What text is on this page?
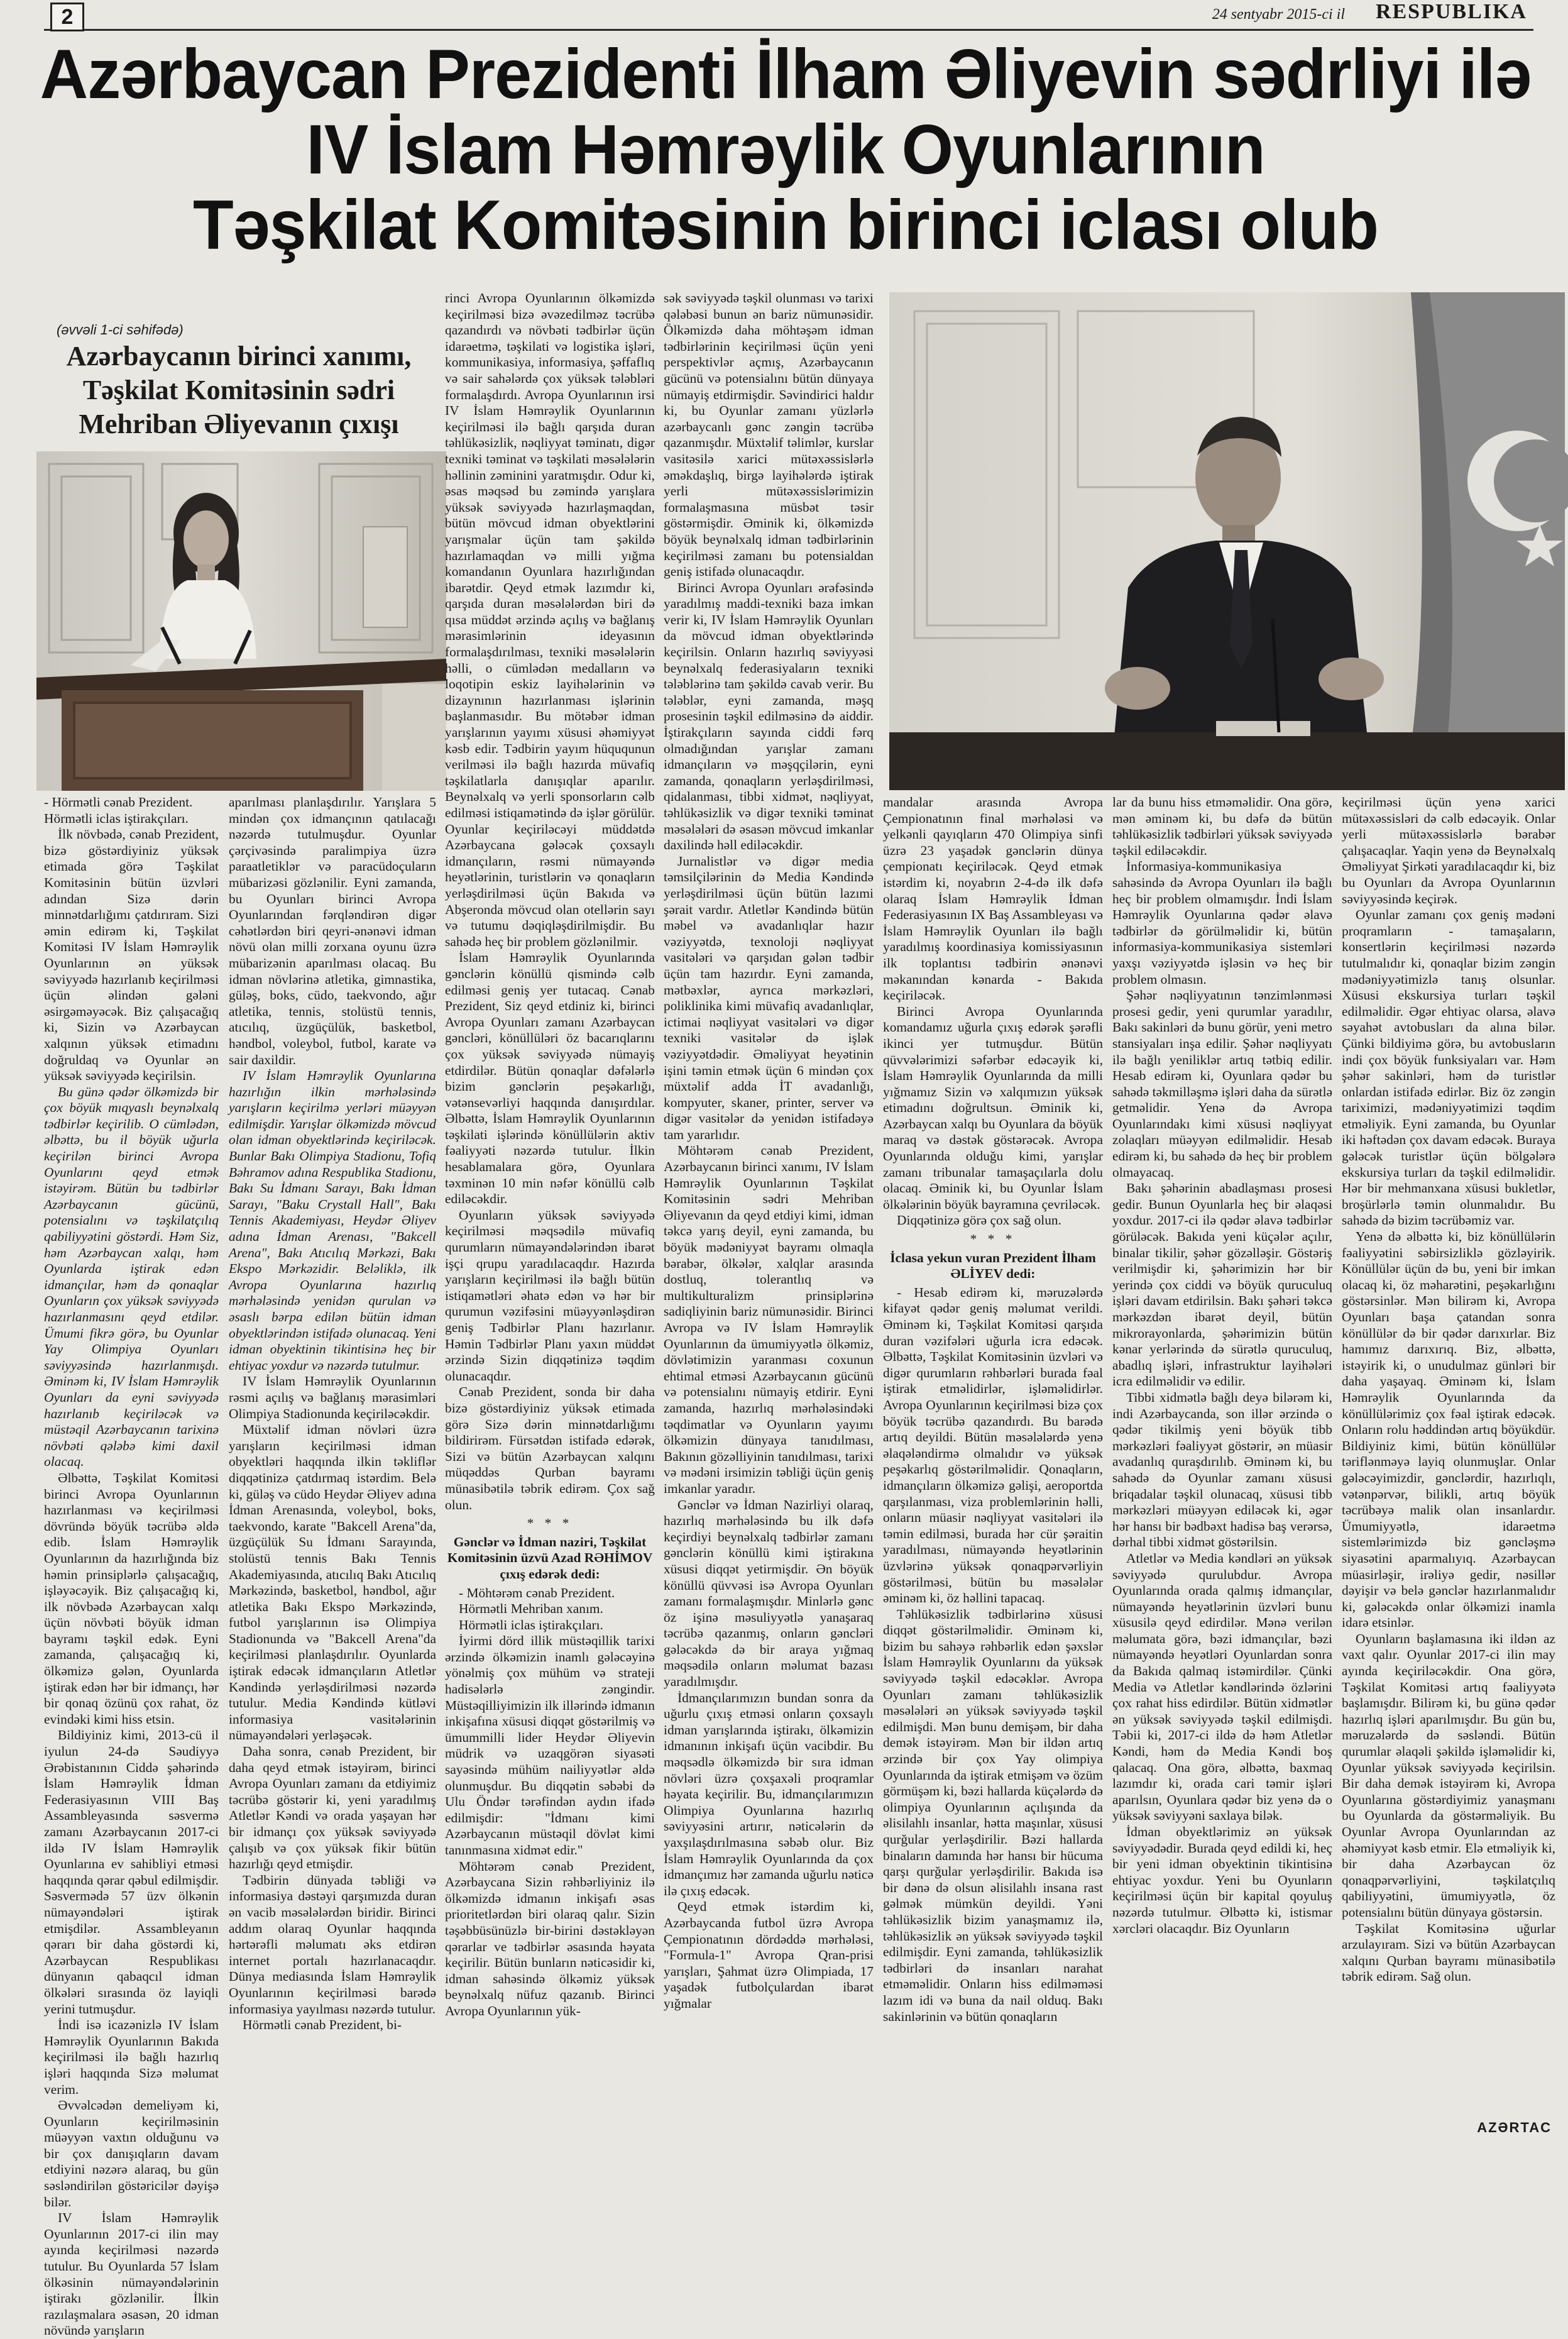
2	24 sentyabr 2015-ci il RESPUBLIKA
Azərbaycan Prezidenti İlham Əliyevin sədrliyi ilə
IV İslam Həmrəylik Oyunlarının
Təşkilat Komitəsinin birinci iclası olub
(əvvəli 1-ci səhifədə)
Azərbaycanın birinci xanımı, Təşkilat Komitəsinin sədri Mehriban Əliyevanın çıxışı

- Hörmətli cənab Prezident.

Hörmətli iclas iştirakçıları.

İlk növbədə, cənab Prezident, bizə göstərdiyiniz yüksək etimada görə Təşkilat Komitəsinin bütün üzvləri adından Sizə dərin minnətdarlığımı çatdırıram. Sizi əmin edirəm ki, Təşkilat Komitəsi IV İslam Həmrəylik Oyunlarının ən yüksək səviyyədə hazırlanıb keçirilməsi üçün əlindən gələni əsirgəməyəcək. Biz çalışacağıq ki, Sizin və Azərbaycan xalqının yüksək etimadını doğruldaq və Oyunlar ən yüksək səviyyədə keçirilsin.

Bu günə qədər ölkəmizdə bir çox böyük mıqyaslı beynəlxalq tədbirlər keçirilib. O cümlədən, əlbəttə, bu il böyük uğurla keçirilən birinci Avropa Oyunlarını qeyd etmək istəyirəm. Bütün bu tədbirlər Azərbaycanın gücünü, potensialını və təşkilatçılıq qabiliyyətini göstərdi. Həm Siz, həm Azərbaycan xalqı, həm Oyunlarda iştirak edən idmançılar, həm də qonaqlar Oyunların çox yüksək səviyyədə hazırlanmasını qeyd etdilər. Ümumi fikrə görə, bu Oyunlar Yay Olimpiya Oyunları səviyyəsində hazırlanmışdı. Əminəm ki, IV İslam Həmrəylik Oyunları da eyni səviyyədə hazırlanıb keçiriləcək və müstəqil Azərbaycanın tarixinə növbəti qələbə kimi daxil olacaq.

Əlbəttə, Təşkilat Komitəsi birinci Avropa Oyunlarının hazırlanması və keçirilməsi dövründə böyük təcrübə əldə edib. İslam Həmrəylik Oyunlarının da hazırlığında biz həmin prinsiplərlə çalışacağıq, işləyəcəyik. Biz çalışacağıq ki, ilk növbədə Azərbaycan xalqı üçün növbəti böyük idman bayramı təşkil edək. Eyni zamanda, çalışacağıq ki, ölkəmizə gələn, Oyunlarda iştirak edən hər bir idmançı, hər bir qonaq özünü çox rahat, öz evindəki kimi hiss etsin.

Bildiyiniz kimi, 2013-cü il iyulun 24-də Səudiyyə Ərəbistanının Ciddə şəhərində İslam Həmrəylik İdman Federasiyasının VIII Baş Assambleyasında səsvermə zamanı Azərbaycanın 2017-ci ildə IV İslam Həmrəylik Oyunlarına ev sahibliyi etməsi haqqında qərar qəbul edilmişdir. Səsvermədə 57 üzv ölkənin nümayəndələri iştirak etmişdilər. Assambleyanın qərarı bir daha göstərdi ki, Azərbaycan Respublikası dünyanın qabaqcıl idman ölkələri sırasında öz layiqli yerini tutmuşdur.

İndi isə icazənizlə IV İslam Həmrəylik Oyunlarının Bakıda keçirilməsi ilə bağlı hazırlıq işləri haqqında Sizə məlumat verim.

Əvvəlcədən demeliyəm ki, Oyunların keçirilməsinin müəyyən vaxtın olduğunu və bir çox danışıqların davam etdiyini nəzərə alaraq, bu gün səsləndirilən göstəricilər dəyişə bilər.

IV İslam Həmrəylik Oyunlarının 2017-ci ilin may ayında keçirilməsi nəzərdə tutulur. Bu Oyunlarda 57 İslam ölkəsinin nümayəndələrinin iştirakı gözlənilir. İlkin razılaşmalara əsasən, 20 idman növündə yarışların

aparılması planlaşdırılır. Yarışlara 5 mindən çox idmançının qatılacağı nəzərdə tutulmuşdur. Oyunlar çərçivəsində paralimpiya üzrə paraatletiklər və paracüdoçuların mübarizəsi gözlənilir. Eyni zamanda, bu Oyunları birinci Avropa Oyunlarından fərqləndirən digər cəhətlərdən biri qeyri-ənənəvi idman növü olan milli zorxana oyunu üzrə mübarizənin aparılması olacaq. Bu idman növlərinə atletika, gimnastika, güləş, boks, cüdo, taekvondo, ağır atletika, tennis, stolüstü tennis, atıcılıq, üzgüçülük, basketbol, həndbol, voleybol, futbol, karate və sair daxildir.

IV İslam Həmrəylik Oyunlarına hazırlığın ilkin mərhələsində yarışların keçirilmə yerləri müəyyən edilmişdir. Yarışlar ölkəmizdə mövcud olan idman obyektlərində keçiriləcək. Bunlar Bakı Olimpiya Stadionu, Tofiq Bəhramov adına Respublika Stadionu, Bakı Su İdmanı Sarayı, Bakı İdman Sarayı, "Baku Crystall Hall", Bakı Tennis Akademiyası, Heydər Əliyev adına İdman Arenası, "Bakcell Arena", Bakı Atıcılıq Mərkəzi, Bakı Ekspo Mərkəzidir. Beləliklə, ilk Avropa Oyunlarına hazırlıq mərhələsində yenidən qurulan və əsaslı bərpa edilən bütün idman obyektlərindən istifadə olunacaq. Yeni idman obyektinin tikintisinə heç bir ehtiyac yoxdur və nəzərdə tutulmur.

IV İslam Həmrəylik Oyunlarının rəsmi açılış və bağlanış mərasimləri Olimpiya Stadionunda keçiriləcəkdir.

Müxtəlif idman növləri üzrə yarışların keçirilməsi idman obyektləri haqqında ilkin təkliflər diqqətinizə çatdırmaq istərdim. Belə ki, güləş və cüdo Heydər Əliyev adına İdman Arenasında, voleybol, boks, taekvondo, karate "Bakcell Arena"da, üzgüçülük Su İdmanı Sarayında, stolüstü tennis Bakı Tennis Akademiyasında, atıcılıq Bakı Atıcılıq Mərkəzində, basketbol, həndbol, ağır atletika Bakı Ekspo Mərkəzində, futbol yarışlarının isə Olimpiya Stadionunda və "Bakcell Arena"da keçirilməsi planlaşdırılır. Oyunlarda iştirak edəcək idmançıların Atletlər Kəndində yerləşdirilməsi nəzərdə tutulur. Media Kəndində kütləvi informasiya vasitələrinin nümayəndələri yerləşəcək.

Daha sonra, cənab Prezident, bir daha qeyd etmək istəyirəm, birinci Avropa Oyunları zamanı da etdiyimiz təcrübə göstərir ki, yeni yaradılmış Atletlər Kəndi və orada yaşayan hər bir idmançı çox yüksək səviyyədə çalışıb və çox yüksək fikir bütün hazırlığı qeyd etmişdir.

Tədbirin dünyada təbliği və informasiya dəstəyi qarşımızda duran ən vacib məsələlərdən biridir. Birinci addım olaraq Oyunlar haqqında hərtərəfli məlumatı əks etdirən internet portalı hazırlanacaqdır. Dünya mediasında İslam Həmrəylik Oyunlarının keçirilməsi barədə informasiya yayılması nəzərdə tutulur.

Hörmətli cənab Prezident, bi-

rinci Avropa Oyunlarının ölkəmizdə keçirilməsi bizə əvəzedilməz təcrübə qazandırdı və növbəti tədbirlər üçün idarəetmə, təşkilati və logistika işləri, kommunikasiya, informasiya, şəffaflıq və sair sahələrdə çox yüksək tələbləri formalaşdırdı. Avropa Oyunlarının irsi IV İslam Həmrəylik Oyunlarının keçirilməsi ilə bağlı qarşıda duran təhlükəsizlik, nəqliyyat təminatı, digər texniki təminat və təşkilati məsələlərin həllinin zəminini yaratmışdır. Odur ki, əsas məqsəd bu zəmində yarışlara yüksək səviyyədə hazırlaşmaqdan, bütün mövcud idman obyektlərini yarışmalar üçün tam şəkildə hazırlamaqdan və milli yığma komandanın Oyunlara hazırlığından ibarətdir. Qeyd etmək lazımdır ki, qarşıda duran məsələlərdən biri də qısa müddət ərzində açılış və bağlanış mərasimlərinin ideyasının formalaşdırılması, texniki məsələlərin həlli, o cümlədən medalların və loqotipin eskiz layihələrinin və dizaynının hazırlanması işlərinin başlanmasıdır. Bu mötəbər idman yarışlarının yayımı xüsusi əhəmiyyət kəsb edir. Tədbirin yayım hüququnun verilməsi ilə bağlı hazırda müvafiq təşkilatlarla danışıqlar aparılır. Beynəlxalq və yerli sponsorların cəlb edilməsi istiqamətində də işlər görülür. Oyunlar keçiriləcəyi müddətdə Azərbaycana gələcək çoxsaylı idmançıların, rəsmi nümayəndə heyətlərinin, turistlərin və qonaqların yerləşdirilməsi üçün Bakıda və Abşeronda mövcud olan otellərin sayı və tutumu dəqiqləşdirilmişdir. Bu sahədə heç bir problem gözlənilmir.

İslam Həmrəylik Oyunlarında gənclərin könüllü qismində cəlb edilməsi geniş yer tutacaq. Cənab Prezident, Siz qeyd etdiniz ki, birinci Avropa Oyunları zamanı Azərbaycan gəncləri, könüllüləri öz bacarıqlarını çox yüksək səviyyədə nümayiş etdirdilər. Bütün qonaqlar dəfələrlə bizim gənclərin peşəkarlığı, vətənsevərliyi haqqında danışırdılar. Əlbəttə, İslam Həmrəylik Oyunlarının təşkilati işlərində könüllülərin aktiv fəaliyyəti nəzərdə tutulur. İlkin hesablamalara görə, Oyunlara təxminən 10 min nəfər könüllü cəlb ediləcəkdir.

Oyunların yüksək səviyyədə keçirilməsi məqsədilə müvafiq qurumların nümayəndələrindən ibarət işçi qrupu yaradılacaqdır. Hazırda yarışların keçirilməsi ilə bağlı bütün istiqamətləri əhatə edən və hər bir qurumun vəzifəsini müəyyənləşdirən geniş Tədbirlər Planı hazırlanır. Həmin Tədbirlər Planı yaxın müddət ərzində Sizin diqqətinizə təqdim olunacaqdır.

Cənab Prezident, sonda bir daha bizə göstərdiyiniz yüksək etimada görə Sizə dərin minnətdarlığımı bildirirəm. Fürsətdən istifadə edərək, Sizi və bütün Azərbaycan xalqını müqəddəs Qurban bayramı münasibətilə təbrik edirəm. Çox sağ olun.

* * *

Gənclər və İdman naziri, Təşkilat Komitəsinin üzvü Azad RƏHİMOV çıxış edərək dedi:

- Möhtərəm cənab Prezident.

Hörmətli Mehriban xanım.

Hörmətli iclas iştirakçıları.

İyirmi dörd illik müstəqillik tarixi ərzində ölkəmizin inamlı gələcəyinə yönəlmiş çox mühüm və strateji hadisələrlə zəngindir. Müstəqilliyimizin ilk illərində idmanın inkişafına xüsusi diqqət göstərilmiş və ümummilli lider Heydər Əliyevin müdrik və uzaqgörən siyasəti sayəsində mühüm nailiyyətlər əldə olunmuşdur. Bu diqqətin səbəbi də Ulu Öndər tərəfindən aydın ifadə edilmişdir: "İdmanı kimi Azərbaycanın müstəqil dövlət kimi tanınmasına xidmət edir."

Möhtərəm cənab Prezident, Azərbaycana Sizin rəhbərliyiniz ilə ölkəmizdə idmanın inkişafı əsas prioritetlərdən biri olaraq qalır. Sizin təşəbbüsünüzlə bir-birini dəstəkləyən qərarlar ve tədbirlər əsasında həyata keçirilir. Bütün bunların nəticəsidir ki, idman sahəsində ölkəmiz yüksək beynəlxalq nüfuz qazanıb. Birinci Avropa Oyunlarının yük-

sək səviyyədə təşkil olunması və tarixi qələbəsi bunun ən bariz nümunəsidir. Ölkəmizdə daha möhtəşəm idman tədbirlərinin keçirilməsi üçün yeni perspektivlər açmış, Azərbaycanın gücünü və potensialını bütün dünyaya nümayiş etdirmişdir. Səvindirici haldır ki, bu Oyunlar zamanı yüzlərlə azərbaycanlı gənc zəngin təcrübə qazanmışdır. Müxtəlif təlimlər, kurslar vasitəsilə xarici mütəxəssislərlə əməkdaşlıq, birgə layihələrdə iştirak yerli mütəxəssislərimizin formalaşmasına müsbət təsir göstərmişdir. Əminik ki, ölkəmizdə böyük beynəlxalq idman tədbirlərinin keçirilməsi zamanı bu potensialdan geniş istifadə olunacaqdır.

Birinci Avropa Oyunları ərəfəsində yaradılmış maddi-texniki baza imkan verir ki, IV İslam Həmrəylik Oyunları da mövcud idman obyektlərində keçirilsin. Onların hazırlıq səviyyəsi beynəlxalq federasiyaların texniki tələblərinə tam şəkildə cavab verir. Bu tələblər, eyni zamanda, məşq prosesinin təşkil edilməsinə də aiddir. İştirakçıların sayında ciddi fərq olmadığından yarışlar zamanı idmançıların və məşqçilərin, eyni zamanda, qonaqların yerləşdirilməsi, qidalanması, tibbi xidmət, nəqliyyat, təhlükəsizlik və digər texniki təminat məsələləri də əsasən mövcud imkanlar daxilində həll ediləcəkdir.

Jurnalistlər və digər media təmsilçilərinin də Media Kəndində yerləşdirilməsi üçün bütün lazımi şərait vardır. Atletlər Kəndində bütün məbel və avadanlıqlar hazır vəziyyətdə, texnoloji nəqliyyat vasitələri və qarşıdan gələn tədbir üçün tam hazırdır. Eyni zamanda, mətbəxlər, ayrıca mərkəzləri, poliklinika kimi müvafiq avadanlıqlar, ictimai nəqliyyat vasitələri və digər texniki vasitələr də işlək vəziyyətdədir. Əməliyyat heyətinin işini təmin etmək üçün 6 mindən çox müxtəlif adda İT avadanlığı, kompyuter, skaner, printer, server və digər vasitələr də yenidən istifadəyə tam yararlıdır.

Möhtərəm cənab Prezident, Azərbaycanın birinci xanımı, IV İslam Həmrəylik Oyunlarının Təşkilat Komitəsinin sədri Mehriban Əliyevanın da qeyd etdiyi kimi, idman təkcə yarış deyil, eyni zamanda, bu böyük mədəniyyət bayramı olmaqla bərabər, ölkələr, xalqlar arasında dostluq, tolerantlıq və multikulturalizm prinsiplərinə sadiqliyinin bariz nümunəsidir. Birinci Avropa və IV İslam Həmrəylik Oyunlarının da ümumiyyətlə ölkəmiz, dövlətimizin yaranması coxunun ehtimal etməsi Azərbaycanın gücünü və potensialını nümayiş etdirir. Eyni zamanda, hazırlıq mərhələsindəki təqdimatlar və Oyunların yayımı ölkəmizin dünyaya tanıdılması, Bakının gözəlliyinin tanıdılması, tarixi və mədəni irsimizin təbliği üçün geniş imkanlar yaradır.

Gənclər və İdman Nazirliyi olaraq, hazırlıq mərhələsində bu ilk dəfə keçirdiyi beynəlxalq tədbirlər zamanı gənclərin könüllü kimi iştirakına xüsusi diqqət yetirmişdir. Ən böyük könüllü qüvvəsi isə Avropa Oyunları zamanı formalaşmışdır. Minlərlə gənc öz işinə məsuliyyətlə yanaşaraq təcrübə qazanmış, onların gəncləri gələcəkdə də bir araya yığmaq məqsədilə onların məlumat bazası yaradılmışdır.

İdmançılarımızın bundan sonra da uğurlu çıxış etməsi onların çoxsaylı idman yarışlarında iştirakı, ölkəmizin idmanının inkişafı üçün vacibdir. Bu məqsədlə ölkəmizdə bir sıra idman növləri üzrə çoxşaxəli proqramlar həyata keçirilir. Bu, idmançılarımızın Olimpiya Oyunlarına hazırlıq səviyyəsini artırır, nəticələrin də yaxşılaşdırılmasına səbəb olur. Biz İslam Həmrəylik Oyunlarında da çox idmançımız hər zamanda uğurlu nəticə ilə çıxış edəcək.

Qeyd etmək istərdim ki, Azərbaycanda futbol üzrə Avropa Çempionatının dördəddə mərhələsi, "Formula-1" Avropa Qran-prisi yarışları, Şahmat üzrə Olimpiada, 17 yaşadək futbolçulardan ibarət yığmalar

mandalar arasında Avropa Çempionatının final mərhələsi və yelkənli qayıqların 470 Olimpiya sinfi üzrə 23 yaşadək gənclərin dünya çempionatı keçiriləcək. Qeyd etmək istərdim ki, noyabrın 2-4-də ilk dəfə olaraq İslam Həmrəylik İdman Federasiyasının IX Baş Assambleyası və İslam Həmrəylik Oyunları ilə bağlı yaradılmış koordinasiya komissiyasının ilk toplantısı tədbirin ənənəvi məkanından kənarda - Bakıda keçiriləcək.

Birinci Avropa Oyunlarında komandamız uğurla çıxış edərək şərəfli ikinci yer tutmuşdur. Bütün qüvvələrimizi səfərbər edəcəyik ki, İslam Həmrəylik Oyunlarında da milli yığmamız Sizin və xalqımızın yüksək etimadını doğrultsun. Əminik ki, Azərbaycan xalqı bu Oyunlara da böyük maraq və dəstək göstərəcək. Avropa Oyunlarında olduğu kimi, yarışlar zamanı tribunalar tamaşaçılarla dolu olacaq. Əminik ki, bu Oyunlar İslam ölkələrinin böyük bayramına çevriləcək.

Diqqətinizə görə çox sağ olun.

* * *

İclasa yekun vuran Prezident İlham ƏLİYEV dedi:

- Hesab edirəm ki, məruzələrdə kifayət qədər geniş məlumat verildi. Əminəm ki, Təşkilat Komitəsi qarşıda duran vəzifələri uğurla icra edəcək. Əlbəttə, Təşkilat Komitəsinin üzvləri və digər qurumların rəhbərləri burada fəal iştirak etməlidirlər, işləməlidirlər. Avropa Oyunlarının keçirilməsi bizə çox böyük təcrübə qazandırdı. Bu barədə artıq deyildi. Bütün məsələlərdə yenə əlaqələndirmə olmalıdır və yüksək peşəkarlıq göstərilməlidir. Qonaqların, idmançıların ölkəmizə gəlişi, aeroportda qarşılanması, viza problemlərinin həlli, onların müasir nəqliyyat vasitələri ilə təmin edilməsi, burada hər cür şəraitin yaradılması, nümayəndə heyətlərinin üzvlərinə yüksək qonaqpərvərliyin göstərilməsi, bütün bu məsələlər əminəm ki, öz həllini tapacaq.

Təhlükəsizlik tədbirlərinə xüsusi diqqət göstərilməlidir. Əminəm ki, bizim bu sahəyə rəhbərlik edən şəxslər İslam Həmrəylik Oyunlarını da yüksək səviyyədə təşkil edəcəklər. Avropa Oyunları zamanı təhlükəsizlik məsələləri ən yüksək səviyyədə təşkil edilmişdi. Mən bunu demişəm, bir daha demək istəyirəm. Mən bir ildən artıq ərzində bir çox Yay olimpiya Oyunlarında da iştirak etmişəm və özüm görmüşəm ki, bəzi hallarda küçələrdə də olimpiya Oyunlarının açılışında da əlisilahlı insanlar, hətta maşınlar, xüsusi qurğular yerləşdirilir. Bəzi hallarda binaların damında hər hansı bir hücuma qarşı qurğular yerləşdirilir. Bakıda isə bir dənə də olsun əlisilahlı insana rast gəlmək mümkün deyildi. Yəni təhlükəsizlik bizim yanaşmamız ilə, təhlükəsizlik ən yüksək səviyyədə təşkil edilmişdir. Eyni zamanda, təhlükəsizlik tədbirləri də insanları narahat etməməlidir. Onların hiss edilməməsi lazım idi və buna da nail olduq. Bakı sakinlərinin və bütün qonaqların

lar da bunu hiss etməməlidir. Ona görə, mən əminəm ki, bu dəfə də bütün təhlükəsizlik tədbirləri yüksək səviyyədə təşkil ediləcəkdir.

İnformasiya-kommunikasiya sahəsində də Avropa Oyunları ilə bağlı heç bir problem olmamışdır. İndi İslam Həmrəylik Oyunlarına qədər əlavə tədbirlər də görülməlidir ki, bütün informasiya-kommunikasiya sistemləri yaxşı vəziyyətdə işləsin və heç bir problem olmasın.

Şəhər nəqliyyatının tənzimlənməsi prosesi gedir, yeni qurumlar yaradılır, Bakı sakinləri də bunu görür, yeni metro stansiyaları inşa edilir. Şəhər nəqliyyatı ilə bağlı yeniliklər artıq tətbiq edilir. Hesab edirəm ki, Oyunlara qədər bu sahədə təkmilləşmə işləri daha da sürətlə getməlidir. Yenə də Avropa Oyunlarındakı kimi xüsusi nəqliyyat zolaqları müəyyən edilməlidir. Hesab edirəm ki, bu sahədə də heç bir problem olmayacaq.

Bakı şəhərinin abadlaşması prosesi gedir. Bunun Oyunlarla heç bir əlaqəsi yoxdur. 2017-ci ilə qədər əlavə tədbirlər görüləcək. Bakıda yeni küçələr açılır, binalar tikilir, şəhər gözəlləşir. Göstəriş verilmişdir ki, şəhərimizin hər bir yerində çox ciddi və böyük quruculuq işləri davam etdirilsin. Bakı şəhəri təkcə mərkəzdən ibarət deyil, bütün mikrorayonlarda, şəhərimizin bütün kənar yerlərində də sürətlə quruculuq, abadlıq işləri, infrastruktur layihələri icra edilməlidir və edilir.

Tibbi xidmətlə bağlı deyə bilərəm ki, indi Azərbaycanda, son illər ərzində o qədər tikilmiş yeni böyük tibb mərkəzləri fəaliyyət göstərir, ən müasir avadanlıq quraşdırılıb. Əminəm ki, bu sahədə də Oyunlar zamanı xüsusi briqadalar təşkil olunacaq, xüsusi tibb mərkəzləri müəyyən ediləcək ki, əgər hər hansı bir bədbəxt hadisə baş verərsə, dərhal tibbi xidmət göstərilsin.

Atletlər və Media kəndləri ən yüksək səviyyədə qurulubdur. Avropa Oyunlarında orada qalmış idmançılar, nümayəndə heyətlərinin üzvləri bunu xüsusilə qeyd edirdilər. Mənə verilən məlumata görə, bəzi idmançılar, bəzi nümayəndə heyətləri Oyunlardan sonra da Bakıda qalmaq istəmirdilər. Çünki Media və Atletlər kəndlərində özlərini çox rahat hiss edirdilər. Bütün xidmətlər ən yüksək səviyyədə təşkil edilmişdi. Təbii ki, 2017-ci ildə də həm Atletlər Kəndi, həm də Media Kəndi boş qalacaq. Ona görə, əlbəttə, baxmaq lazımdır ki, orada cari təmir işləri aparılsın, Oyunlara qədər biz yenə də o yüksək səviyyəni saxlaya bilək.

İdman obyektlərimiz ən yüksək səviyyədədir. Burada qeyd edildi ki, heç bir yeni idman obyektinin tikintisinə ehtiyac yoxdur. Yeni bu Oyunların keçirilməsi üçün bir kapital qoyuluş nəzərdə tutulmur. Əlbəttə ki, istismar xərcləri olacaqdır. Biz Oyunların

keçirilməsi üçün yenə xarici mütəxəssisləri də cəlb edəcəyik. Onlar yerli mütəxəssislərlə bərabər çalışacaqlar. Yaqin yenə də Beynəlxalq Əməliyyat Şirkəti yaradılacaqdır ki, biz bu Oyunları da Avropa Oyunlarının səviyyəsində keçirək.

Oyunlar zamanı çox geniş mədəni proqramların - tamaşaların, konsertlərin keçirilməsi nəzərdə tutulmalıdır ki, qonaqlar bizim zəngin mədəniyyətimizlə tanış olsunlar. Xüsusi ekskursiya turları təşkil edilməlidir. Əgər ehtiyac olarsa, əlavə səyahət avtobusları da alına bilər. Çünki bildiyimə görə, bu avtobusların indi çox böyük funksiyaları var. Həm şəhər sakinləri, həm də turistlər onlardan istifadə edirlər. Biz öz zəngin tariximizi, mədəniyyətimizi təqdim etməliyik. Eyni zamanda, bu Oyunlar iki həftədən çox davam edəcək. Buraya gələcək turistlər üçün bölgələrə ekskursiya turları da təşkil edilməlidir. Hər bir mehmanxana xüsusi bukletlər, broşürlərlə təmin olunmalıdır. Bu sahədə də bizim təcrübəmiz var.

Yenə də əlbəttə ki, biz könüllülərin fəaliyyətini səbirsizliklə gözləyirik. Könüllülər üçün də bu, yeni bir imkan olacaq ki, öz məharətini, peşəkarlığını göstərsinlər. Mən bilirəm ki, Avropa Oyunları başa çatandan sonra könüllülər də bir qədər darıxırlar. Biz hamımız darıxırıq. Biz, əlbəttə, istəyirik ki, o unudulmaz günləri bir daha yaşayaq. Əminəm ki, İslam Həmrəylik Oyunlarında da könüllülərimiz çox fəal iştirak edəcək. Onların rolu həddindən artıq böyükdür. Bildiyiniz kimi, bütün könüllülər təriflənməyə layiq olunmuşlar. Onlar gələcəyimizdir, gənclərdir, hazırlıqlı, vətənpərvər, bilikli, artıq böyük təcrübəyə malik olan insanlardır. Ümumiyyətlə, idarəetmə sistemlərimizdə biz gəncləşmə siyasətini aparmalıyıq. Azərbaycan müasirləşir, irəliyə gedir, nəsillər dəyişir və belə gənclər hazırlanmalıdır ki, gələcəkdə onlar ölkəmizi inamla idarə etsinlər.

Oyunların başlamasına iki ildən az vaxt qalır. Oyunlar 2017-ci ilin may ayında keçiriləcəkdir. Ona görə, Təşkilat Komitəsi artıq fəaliyyətə başlamışdır. Bilirəm ki, bu günə qədər hazırlıq işləri aparılmışdır. Bu gün bu, məruzələrdə də səsləndi. Bütün qurumlar əlaqəli şəkildə işləməlidir ki, Oyunlar yüksək səviyyədə keçirilsin. Bir daha demək istəyirəm ki, Avropa Oyunlarına göstərdiyimiz yanaşmanı bu Oyunlarda da göstərməliyik. Bu Oyunlar Avropa Oyunlarından az əhəmiyyət kəsb etmir. Elə etməliyik ki, bir daha Azərbaycan öz qonaqpərvərliyini, təşkilatçılıq qabiliyyətini, ümumiyyətlə, öz potensialını bütün dünyaya göstərsin.

Təşkilat Komitəsinə uğurlar arzulayıram. Sizi və bütün Azərbaycan xalqını Qurban bayramı münasibətilə təbrik edirəm. Sağ olun.

AZƏRTAC
